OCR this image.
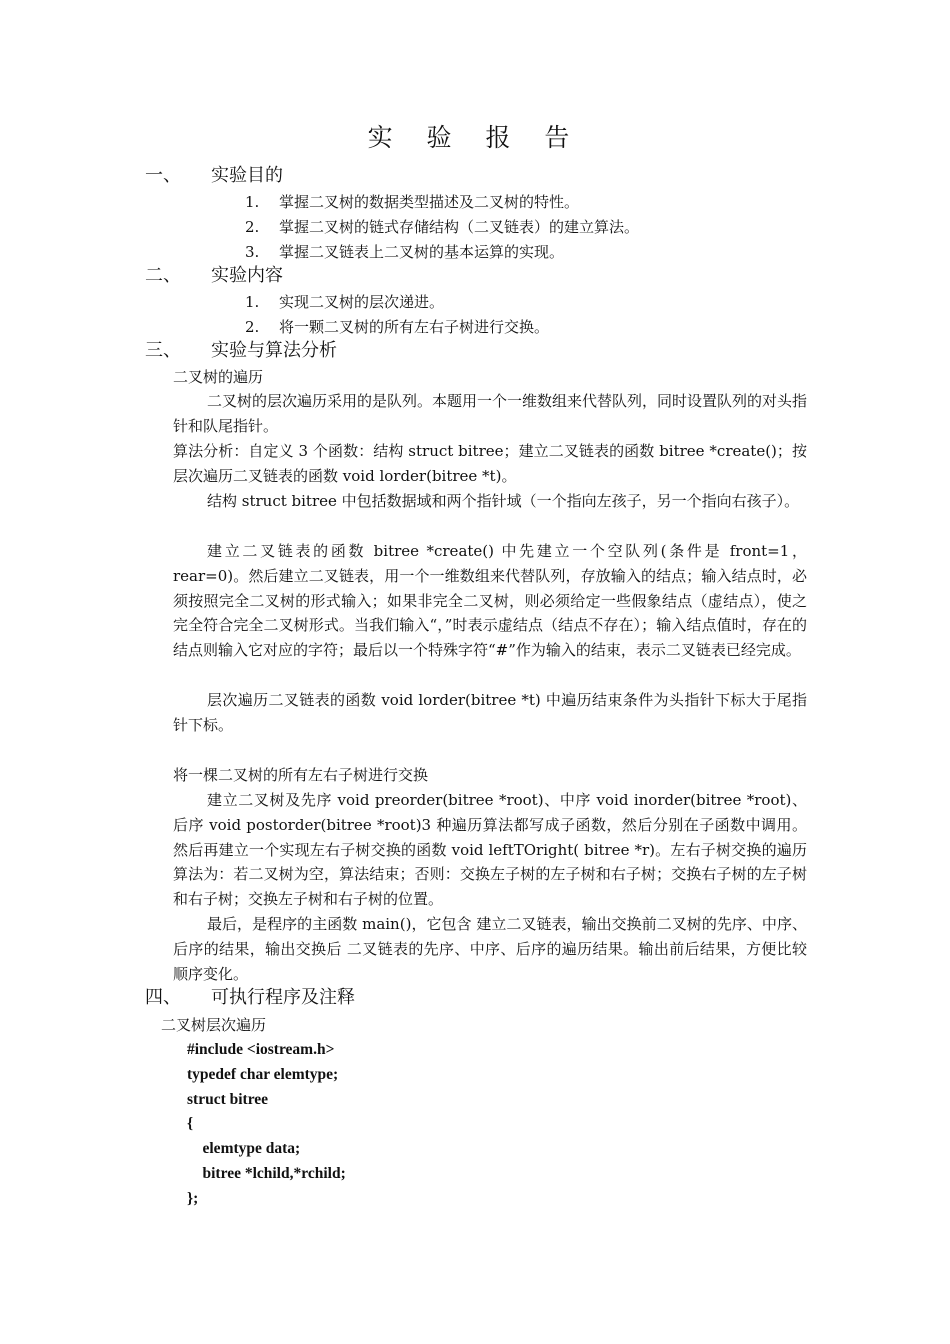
实 验 报 告
一、 实验目的
1. 掌握二叉树的数据类型描述及二叉树的特性。
2. 掌握二叉树的链式存储结构（二叉链表）的建立算法。
3. 掌握二叉链表上二叉树的基本运算的实现。
二、 实验内容
1. 实现二叉树的层次递进。
2. 将一颗二叉树的所有左右子树进行交换。
三、 实验与算法分析
二叉树的遍历
二叉树的层次遍历采用的是队列。本题用一个一维数组来代替队列，同时设置队列的对头指针和队尾指针。
算法分析：自定义 3 个函数：结构 struct bitree；建立二叉链表的函数 bitree *create()；按层次遍历二叉链表的函数 void lorder(bitree *t)。
结构 struct bitree 中包括数据域和两个指针域（一个指向左孩子，另一个指向右孩子）。
建立二叉链表的函数 bitree *create() 中先建立一个空队列(条件是 front=1，rear=0)。然后建立二叉链表，用一个一维数组来代替队列，存放输入的结点；输入结点时，必须按照完全二叉树的形式输入；如果非完全二叉树，则必须给定一些假象结点（虚结点），使之完全符合完全二叉树形式。当我们输入“，”时表示虚结点（结点不存在）；输入结点值时，存在的结点则输入它对应的字符；最后以一个特殊字符“#”作为输入的结束，表示二叉链表已经完成。
层次遍历二叉链表的函数 void lorder(bitree *t) 中遍历结束条件为头指针下标大于尾指针下标。
将一棵二叉树的所有左右子树进行交换
建立二叉树及先序 void preorder(bitree *root)、中序 void inorder(bitree *root)、后序 void postorder(bitree *root)3 种遍历算法都写成子函数，然后分别在子函数中调用。然后再建立一个实现左右子树交换的函数 void leftTOright( bitree *r)。左右子树交换的遍历算法为：若二叉树为空，算法结束；否则：交换左子树的左子树和右子树；交换右子树的左子树和右子树；交换左子树和右子树的位置。
最后，是程序的主函数 main()，它包含 建立二叉链表，输出交换前二叉树的先序、中序、后序的结果，输出交换后 二叉链表的先序、中序、后序的遍历结果。输出前后结果，方便比较顺序变化。
四、 可执行程序及注释
二叉树层次遍历
#include <iostream.h>
typedef char elemtype;
struct bitree
{
elemtype data;
bitree *lchild,*rchild;
};
